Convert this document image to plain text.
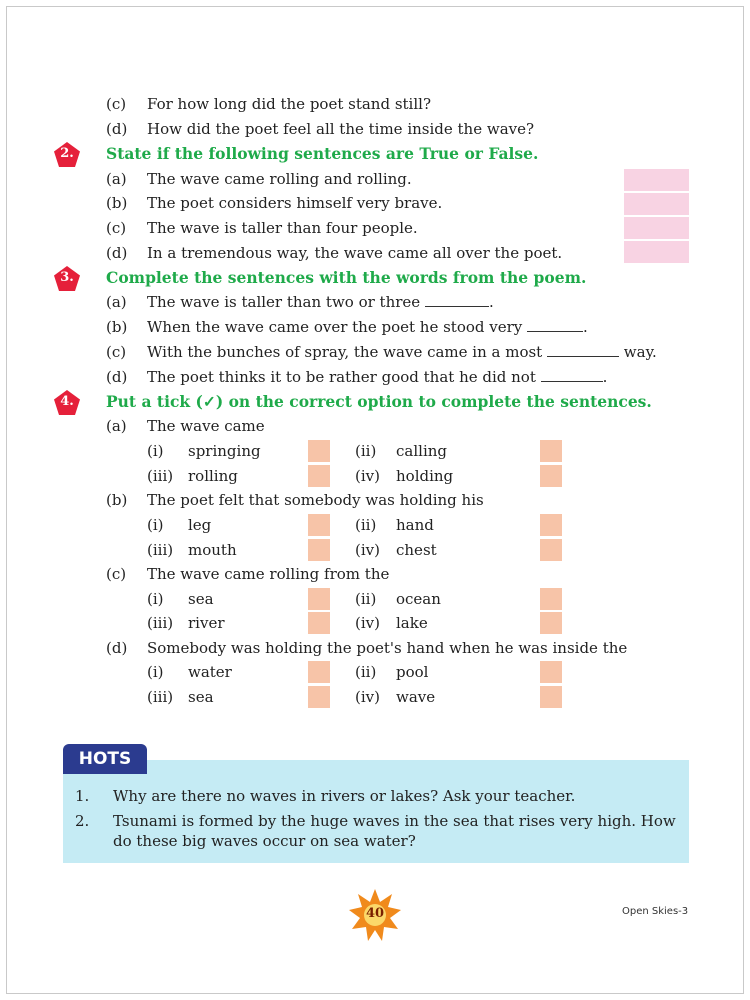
(c) For how long did the poet stand still?
(d) How did the poet feel all the time inside the wave?
2.	State if the following sentences are True or False.
(a) The wave came rolling and rolling.
(b) The poet considers himself very brave.
(c) The wave is taller than four people.
(d) In a tremendous way, the wave came all over the poet.
3.	Complete the sentences with the words from the poem.
(a) The wave is taller than two or three	.
(b) When the wave came over the poet he stood very	.
(c) With the bunches of spray, the wave came in a most	way.
(d) The poet thinks it to be rather good that he did not	.
4.	Put a tick (✓) on the correct option to complete the sentences.
(a) The wave came
(i) springing	(ii) calling
(iii) rolling	(iv) holding
(b) The poet felt that somebody was holding his
(i) leg	(ii) hand
(iii) mouth	(iv) chest
(c) The wave came rolling from the
(i) sea	(ii) ocean
(iii) river	(iv) lake
(d) Somebody was holding the poet's hand when he was inside the
(i) water	(ii) pool
(iii) sea	(iv) wave
HOTS
1. Why are there no waves in rivers or lakes? Ask your teacher.
2. Tsunami is formed by the huge waves in the sea that rises very high. How
do these big waves occur on sea water?
40	Open Skies-3
